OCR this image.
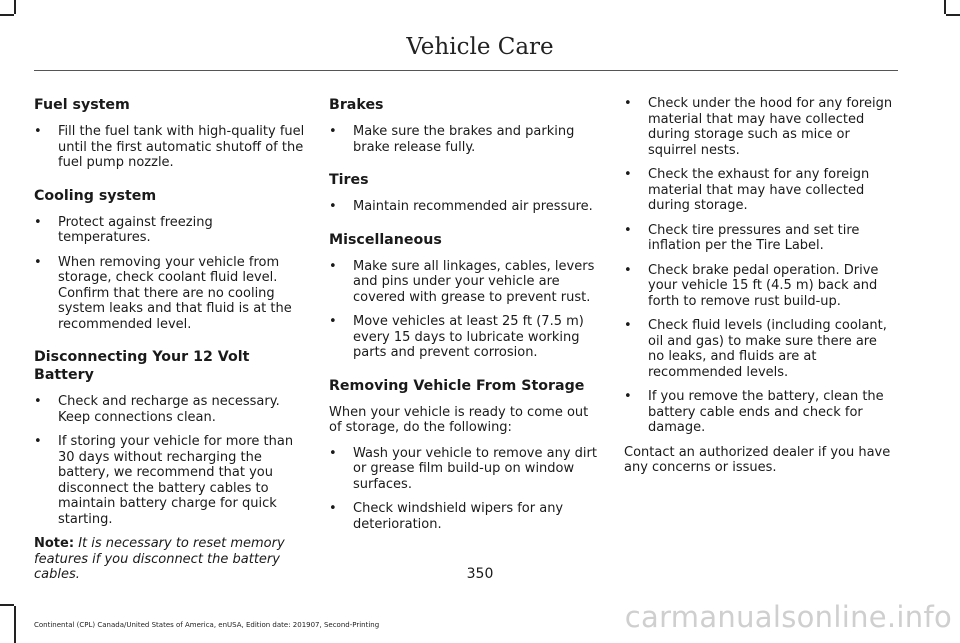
Vehicle Care
Fuel system
• Fill the fuel tank with high-quality fuel until the first automatic shutoff of the fuel pump nozzle.
Cooling system
• Protect against freezing temperatures.
• When removing your vehicle from storage, check coolant fluid level. Confirm that there are no cooling system leaks and that fluid is at the recommended level.
Disconnecting Your 12 Volt Battery
• Check and recharge as necessary. Keep connections clean.
• If storing your vehicle for more than 30 days without recharging the battery, we recommend that you disconnect the battery cables to maintain battery charge for quick starting.

Note: It is necessary to reset memory features if you disconnect the battery cables.

Brakes
• Make sure the brakes and parking brake release fully.
Tires
• Maintain recommended air pressure.
Miscellaneous
• Make sure all linkages, cables, levers and pins under your vehicle are covered with grease to prevent rust.
• Move vehicles at least 25 ft (7.5 m) every 15 days to lubricate working parts and prevent corrosion.
Removing Vehicle From Storage

When your vehicle is ready to come out of storage, do the following:

• Wash your vehicle to remove any dirt or grease film build-up on window surfaces.
• Check windshield wipers for any deterioration.
• Check under the hood for any foreign material that may have collected during storage such as mice or squirrel nests.
• Check the exhaust for any foreign material that may have collected during storage.
• Check tire pressures and set tire inflation per the Tire Label.
• Check brake pedal operation. Drive your vehicle 15 ft (4.5 m) back and forth to remove rust build-up.
• Check fluid levels (including coolant, oil and gas) to make sure there are no leaks, and fluids are at recommended levels.
• If you remove the battery, clean the battery cable ends and check for damage.

Contact an authorized dealer if you have any concerns or issues.

350
Continental (CPL) Canada/United States of America, enUSA, Edition date: 201907, Second-Printing	carmanualsonline.info
